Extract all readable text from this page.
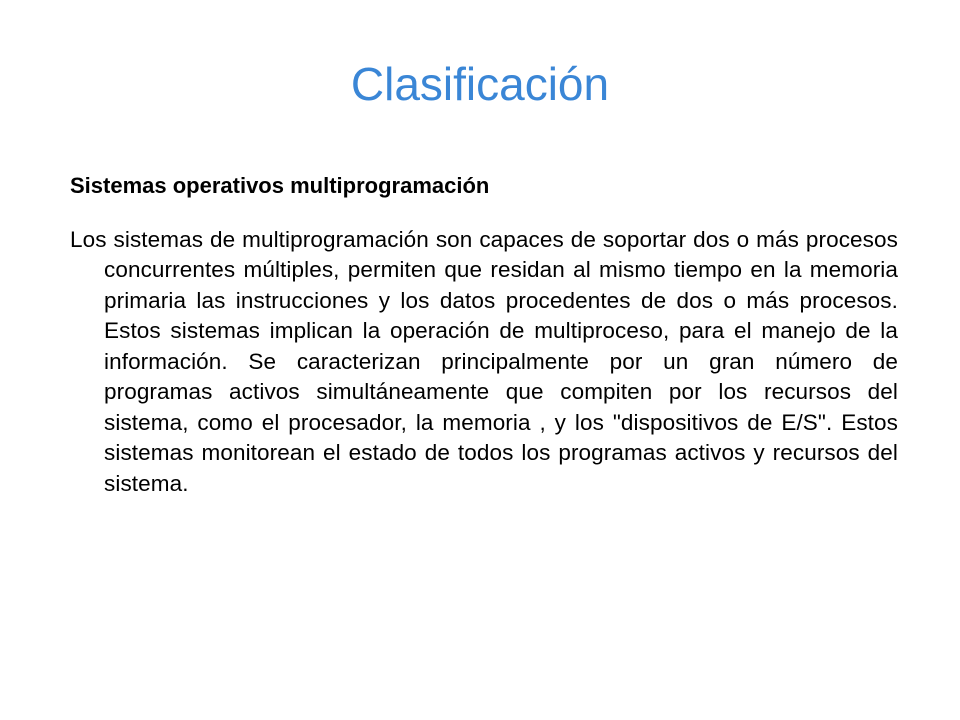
Clasificación

Sistemas operativos multiprogramación

Los sistemas de multiprogramación son capaces de soportar dos o más procesos concurrentes múltiples, permiten que residan al mismo tiempo en la memoria primaria las instrucciones y los datos procedentes de dos o más procesos. Estos sistemas implican la operación de multiproceso, para el manejo de la información. Se caracterizan principalmente por un gran número de programas activos simultáneamente que compiten por los recursos del sistema, como el procesador, la memoria , y los "dispositivos de E/S". Estos sistemas monitorean el estado de todos los programas activos y recursos del sistema.
